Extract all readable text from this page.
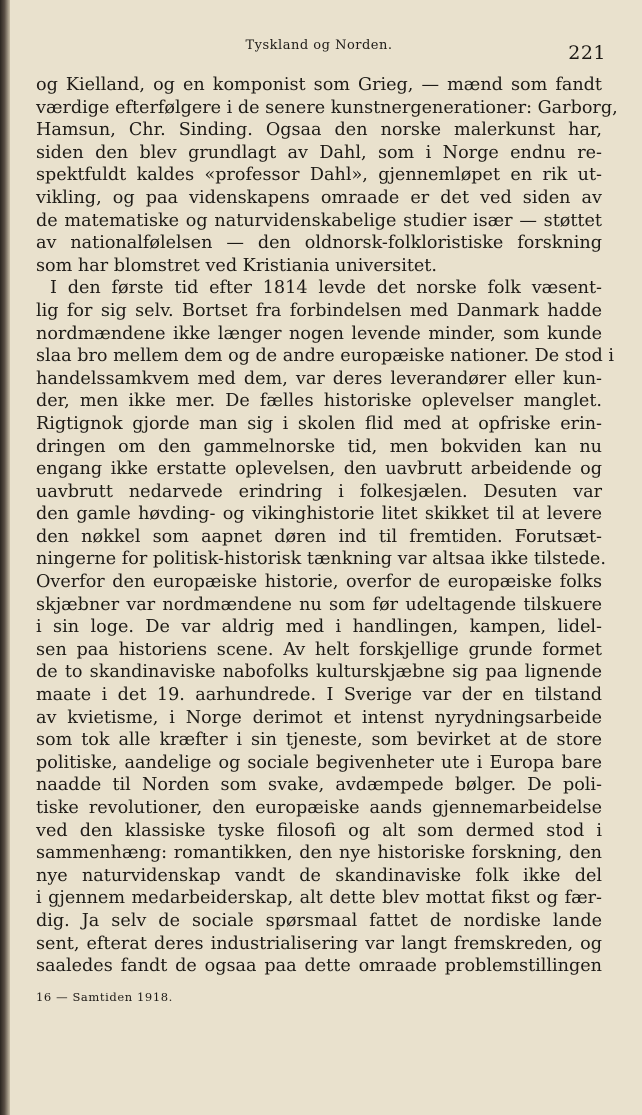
Tyskland og Norden.	221

og Kielland, og en komponist som Grieg, — mænd som fandt
værdige efterfølgere i de senere kunstnergenerationer: Garborg,
Hamsun, Chr. Sinding. Ogsaa den norske malerkunst har,
siden den blev grundlagt av Dahl, som i Norge endnu re-
spektfuldt kaldes «professor Dahl», gjennemløpet en rik ut-
vikling, og paa videnskapens omraade er det ved siden av
de matematiske og naturvidenskabelige studier især — støttet
av nationalfølelsen — den oldnorsk-folkloristiske forskning
som har blomstret ved Kristiania universitet.

I den første tid efter 1814 levde det norske folk væsent-
lig for sig selv. Bortset fra forbindelsen med Danmark hadde
nordmændene ikke længer nogen levende minder, som kunde
slaa bro mellem dem og de andre europæiske nationer. De stod i
handelssamkvem med dem, var deres leverandører eller kun-
der, men ikke mer. De fælles historiske oplevelser manglet.
Rigtignok gjorde man sig i skolen flid med at opfriske erin-
dringen om den gammelnorske tid, men bokviden kan nu
engang ikke erstatte oplevelsen, den uavbrutt arbeidende og
uavbrutt nedarvede erindring i folkesjælen. Desuten var
den gamle høvding- og vikinghistorie litet skikket til at levere
den nøkkel som aapnet døren ind til fremtiden. Forutsæt-
ningerne for politisk-historisk tænkning var altsaa ikke tilstede.
Overfor den europæiske historie, overfor de europæiske folks
skjæbner var nordmændene nu som før udeltagende tilskuere
i sin loge. De var aldrig med i handlingen, kampen, lidel-
sen paa historiens scene. Av helt forskjellige grunde formet
de to skandinaviske nabofolks kulturskjæbne sig paa lignende
maate i det 19. aarhundrede. I Sverige var der en tilstand
av kvietisme, i Norge derimot et intenst nyrydningsarbeide
som tok alle kræfter i sin tjeneste, som bevirket at de store
politiske, aandelige og sociale begivenheter ute i Europa bare
naadde til Norden som svake, avdæmpede bølger. De poli-
tiske revolutioner, den europæiske aands gjennemarbeidelse
ved den klassiske tyske filosofi og alt som dermed stod i
sammenhæng: romantikken, den nye historiske forskning, den
nye naturvidenskap vandt de skandinaviske folk ikke del
i gjennem medarbeiderskap, alt dette blev mottat fikst og fær-
dig. Ja selv de sociale spørsmaal fattet de nordiske lande
sent, efterat deres industrialisering var langt fremskreden, og
saaledes fandt de ogsaa paa dette omraade problemstillingen

16 — Samtiden 1918.
